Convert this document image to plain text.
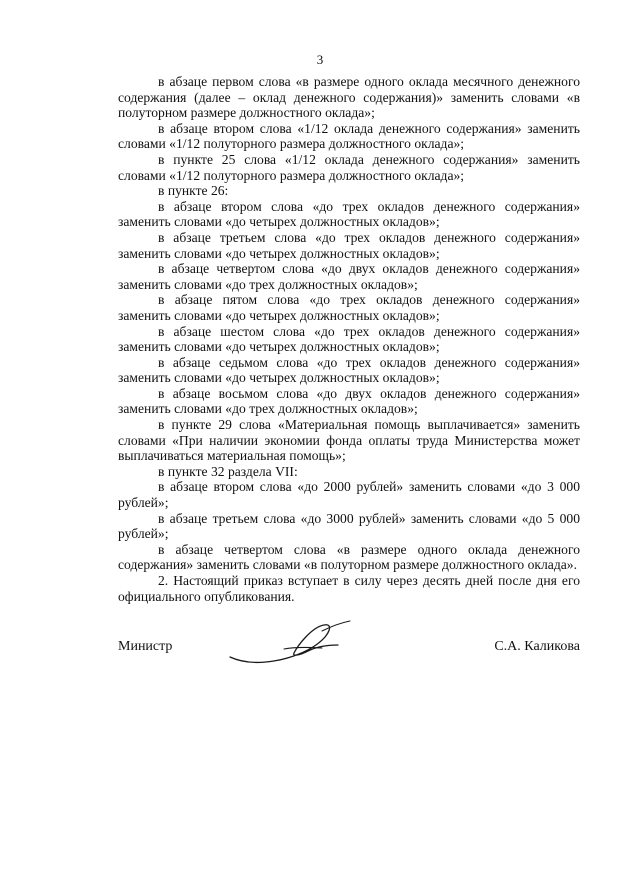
3

в абзаце первом слова «в размере одного оклада месячного денежного содержания (далее – оклад денежного содержания)» заменить словами «в полуторном размере должностного оклада»;

в абзаце втором слова «1/12 оклада денежного содержания» заменить словами «1/12 полуторного размера должностного оклада»;

в пункте 25 слова «1/12 оклада денежного содержания» заменить словами «1/12 полуторного размера должностного оклада»;

в пункте 26:

в абзаце втором слова «до трех окладов денежного содержания» заменить словами «до четырех должностных окладов»;

в абзаце третьем слова «до трех окладов денежного содержания» заменить словами «до четырех должностных окладов»;

в абзаце четвертом слова «до двух окладов денежного содержания» заменить словами «до трех должностных окладов»;

в абзаце пятом слова «до трех окладов денежного содержания» заменить словами «до четырех должностных окладов»;

в абзаце шестом слова «до трех окладов денежного содержания» заменить словами «до четырех должностных окладов»;

в абзаце седьмом слова «до трех окладов денежного содержания» заменить словами «до четырех должностных окладов»;

в абзаце восьмом слова «до двух окладов денежного содержания» заменить словами «до трех должностных окладов»;

в пункте 29 слова «Материальная помощь выплачивается» заменить словами «При наличии экономии фонда оплаты труда Министерства может выплачиваться материальная помощь»;

в пункте 32 раздела VII:

в абзаце втором слова «до 2000 рублей» заменить словами «до 3 000 рублей»;

в абзаце третьем слова «до 3000 рублей» заменить словами «до 5 000 рублей»;

в абзаце четвертом слова «в размере одного оклада денежного содержания» заменить словами «в полуторном размере должностного оклада».

2. Настоящий приказ вступает в силу через десять дней после дня его официального опубликования.

Министр	С.А. Каликова
